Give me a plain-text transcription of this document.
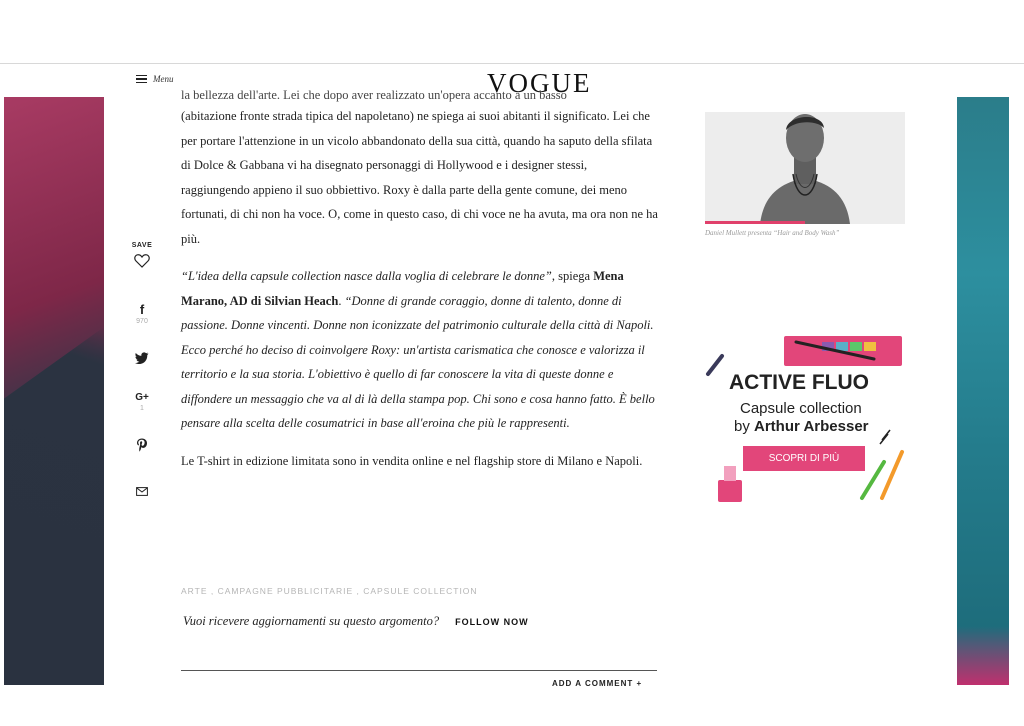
Menu	VOGUE
SAVE
f
970
G+
1
la bellezza dell'arte. Lei che dopo aver realizzato un'opera accanto a un basso

(abitazione fronte strada tipica del napoletano) ne spiega ai suoi abitanti il significato. Lei che per portare l'attenzione in un vicolo abbandonato della sua città, quando ha saputo della sfilata di Dolce & Gabbana vi ha disegnato personaggi di Hollywood e i designer stessi, raggiungendo appieno il suo obbiettivo. Roxy è dalla parte della gente comune, dei meno fortunati, di chi non ha voce. O, come in questo caso, di chi voce ne ha avuta, ma ora non ne ha più.

“L'idea della capsule collection nasce dalla voglia di celebrare le donne”, spiega Mena Marano, AD di Silvian Heach. “Donne di grande coraggio, donne di talento, donne di passione. Donne vincenti. Donne non iconizzate del patrimonio culturale della città di Napoli. Ecco perché ho deciso di coinvolgere Roxy: un'artista carismatica che conosce e valorizza il territorio e la sua storia. L'obiettivo è quello di far conoscere la vita di queste donne e diffondere un messaggio che va al di là della stampa pop. Chi sono e cosa hanno fatto. È bello pensare alla scelta delle cosumatrici in base all'eroina che più le rappresenti.

Le T-shirt in edizione limitata sono in vendita online e nel flagship store di Milano e Napoli.

ARTE , CAMPAGNE PUBBLICITARIE , CAPSULE COLLECTION
Vuoi ricevere aggiornamenti su questo argomento? FOLLOW NOW
ADD A COMMENT +
Daniel Mullett presenta “Hair and Body Wash”
ACTIVE FLUO
Capsule collection
by Arthur Arbesser
SCOPRI DI PIÙ
